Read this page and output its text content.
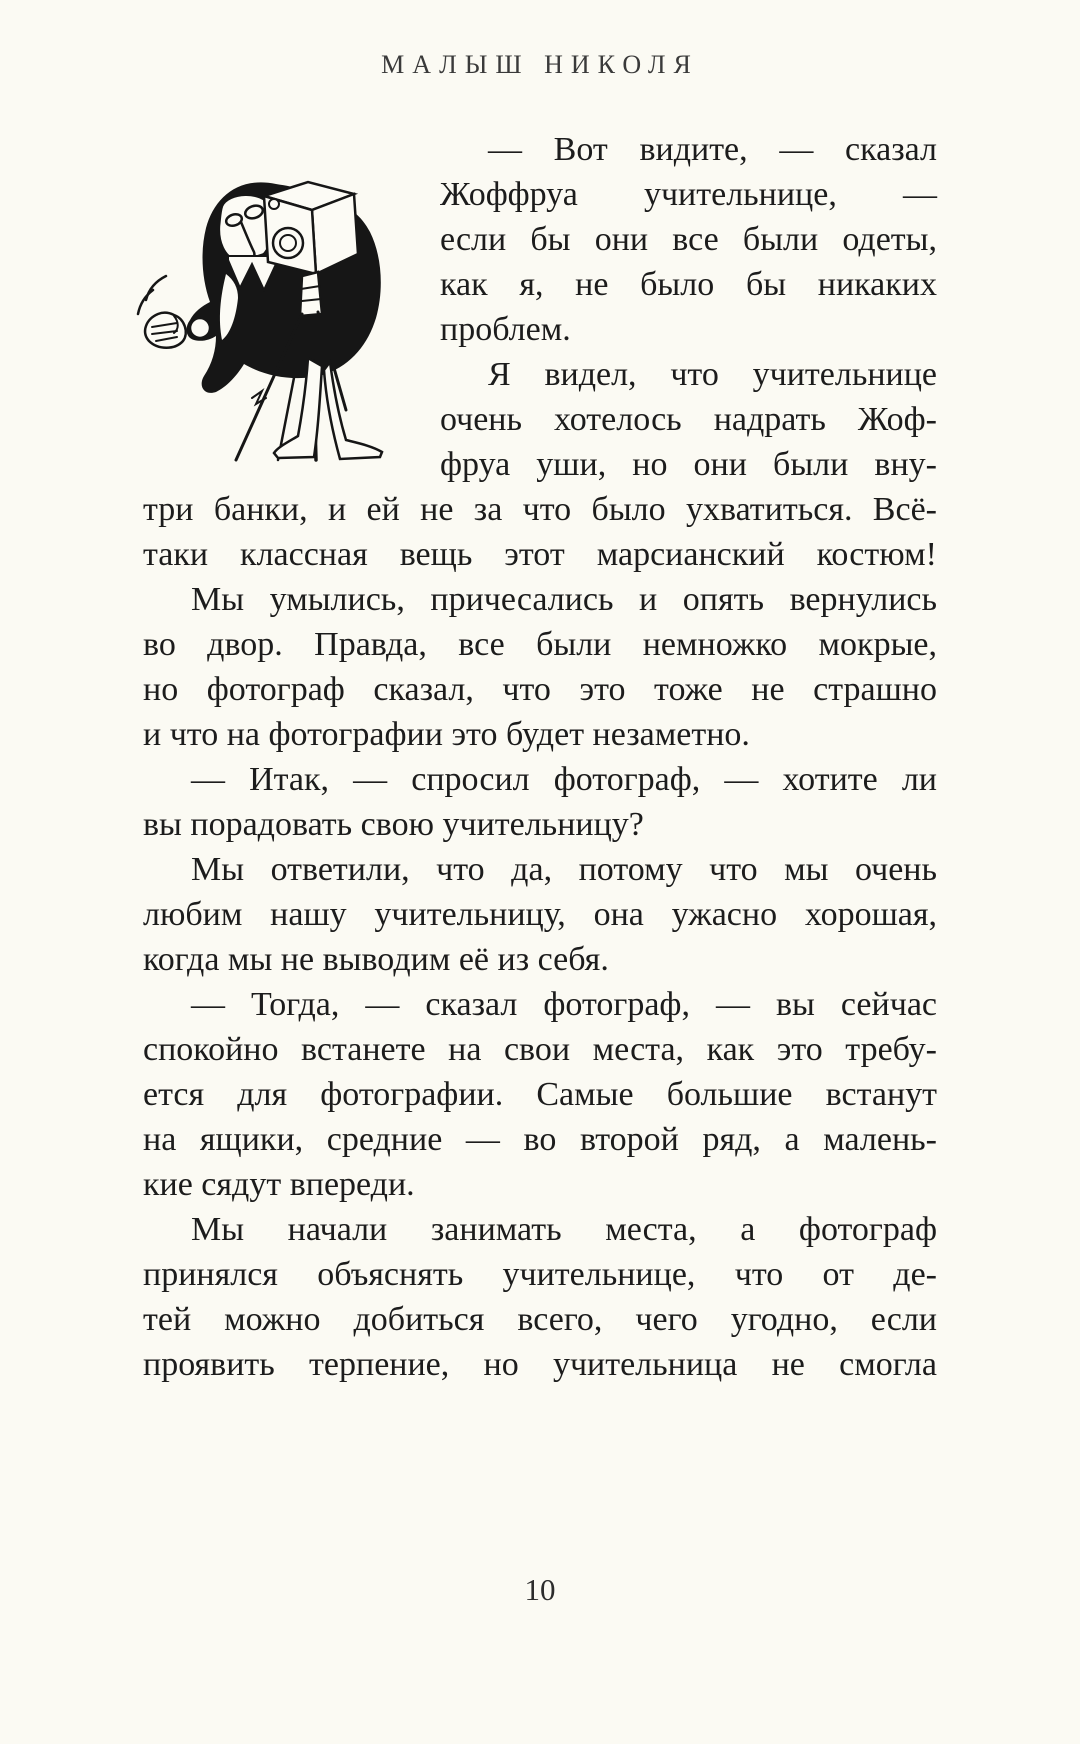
МАЛЫШ НИКОЛЯ
— Вот видите, — сказал
Жоффруа учительнице, —
если бы они все были одеты,
как я, не было бы никаких
проблем.
Я видел, что учительнице
очень хотелось надрать Жоф-
фруа уши, но они были вну-
три банки, и ей не за что было ухватиться. Всё-
таки классная вещь этот марсианский костюм!
Мы умылись, причесались и опять вернулись
во двор. Правда, все были немножко мокрые,
но фотограф сказал, что это тоже не страшно
и что на фотографии это будет незаметно.
— Итак, — спросил фотограф, — хотите ли
вы порадовать свою учительницу?
Мы ответили, что да, потому что мы очень
любим нашу учительницу, она ужасно хорошая,
когда мы не выводим её из себя.
— Тогда, — сказал фотограф, — вы сейчас
спокойно встанете на свои места, как это требу-
ется для фотографии. Самые большие встанут
на ящики, средние — во второй ряд, а малень-
кие сядут впереди.
Мы начали занимать места, а фотограф
принялся объяснять учительнице, что от де-
тей можно добиться всего, чего угодно, если
проявить терпение, но учительница не смогла
10
